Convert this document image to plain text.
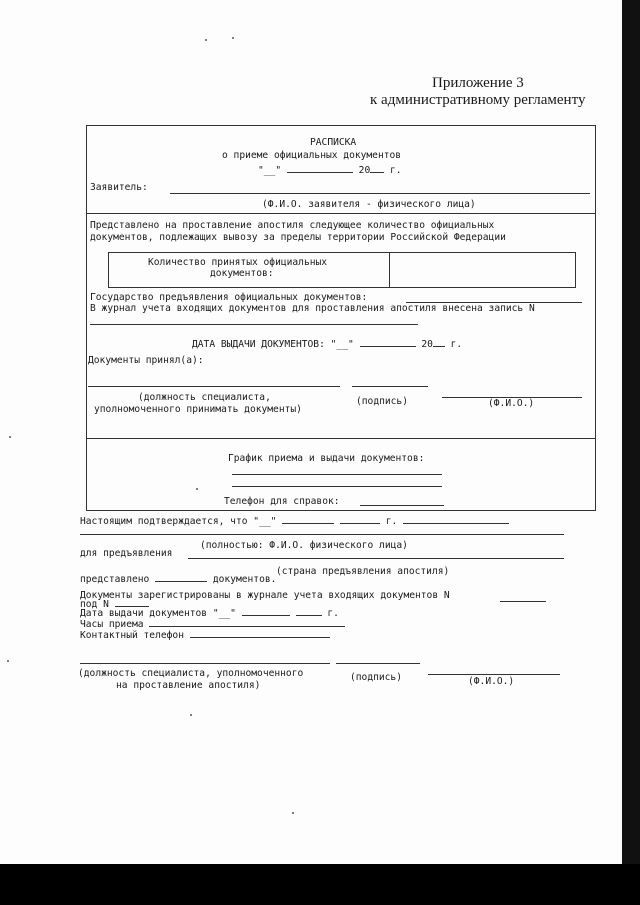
Приложение 3
к административному регламенту
РАСПИСКА
о приеме официальных документов
"__"	20 г.
Заявитель:
(Ф.И.О. заявителя - физического лица)
Представлено на проставление апостиля следующее количество официальных
документов, подлежащих вывозу за пределы территории Российской Федерации
Количество принятых официальных
документов:
Государство предъявления официальных документов:
В журнал учета входящих документов для проставления апостиля внесена запись N
ДАТА ВЫДАЧИ ДОКУМЕНТОВ: "__"	20 г.
Документы принял(а):
(должность специалиста,
уполномоченного принимать документы)
(подпись)	(Ф.И.О.)
График приема и выдачи документов:
Телефон для справок:
Настоящим подтверждается, что "__"	г.
(полностью: Ф.И.О. физического лица)
для предъявления
(страна предъявления апостиля)
представлено	документов.
Документы зарегистрированы в журнале учета входящих документов N
под N
Дата выдачи документов "__"	г.
Часы приема
Контактный телефон
(должность специалиста, уполномоченного
на проставление апостиля)
(подпись)	(Ф.И.О.)
